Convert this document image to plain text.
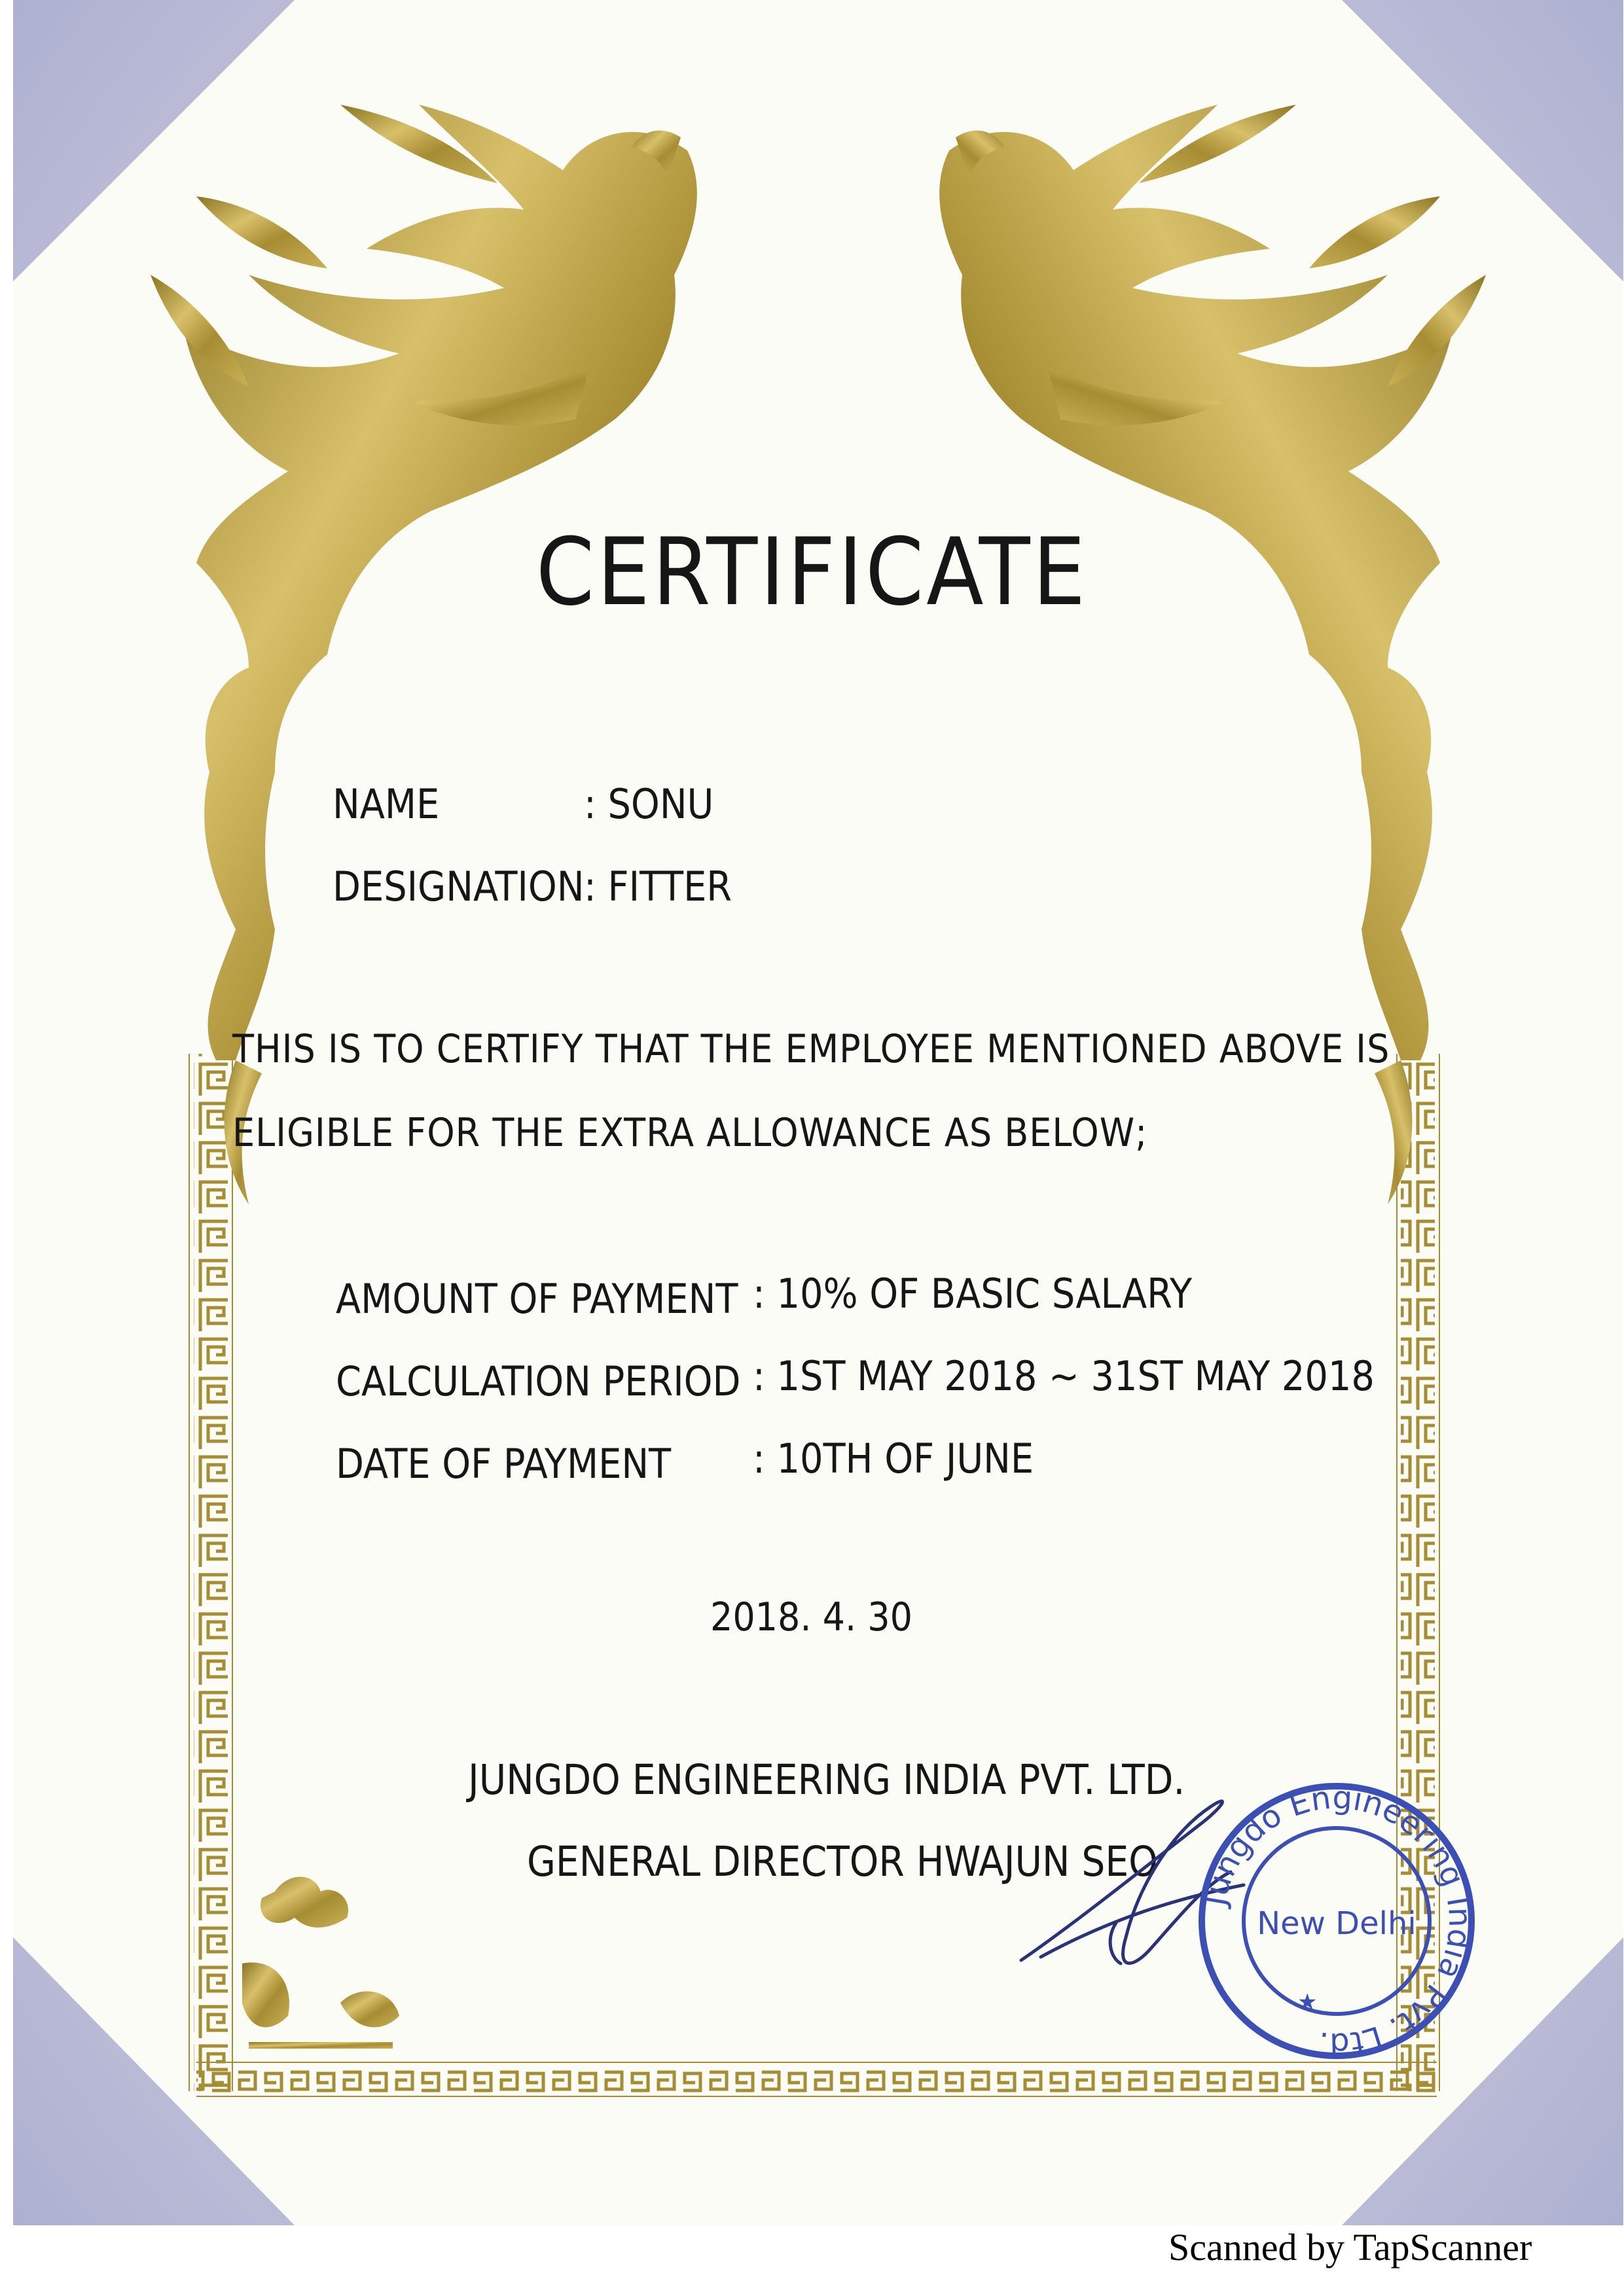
CERTIFICATE
NAME	: SONU
DESIGNATION : FITTER
THIS IS TO CERTIFY THAT THE EMPLOYEE MENTIONED ABOVE IS
ELIGIBLE FOR THE EXTRA ALLOWANCE AS BELOW;
AMOUNT OF PAYMENT : 10% OF BASIC SALARY
CALCULATION PERIOD : 1ST MAY 2018 ~ 31ST MAY 2018
DATE OF PAYMENT : 10TH OF JUNE
2018. 4. 30
JUNGDO ENGINEERING INDIA PVT. LTD.
GENERAL DIRECTOR HWAJUN SEO
Jungdo Engineering India Pvt. Ltd.
New Delhi
★
Scanned by TapScanner
